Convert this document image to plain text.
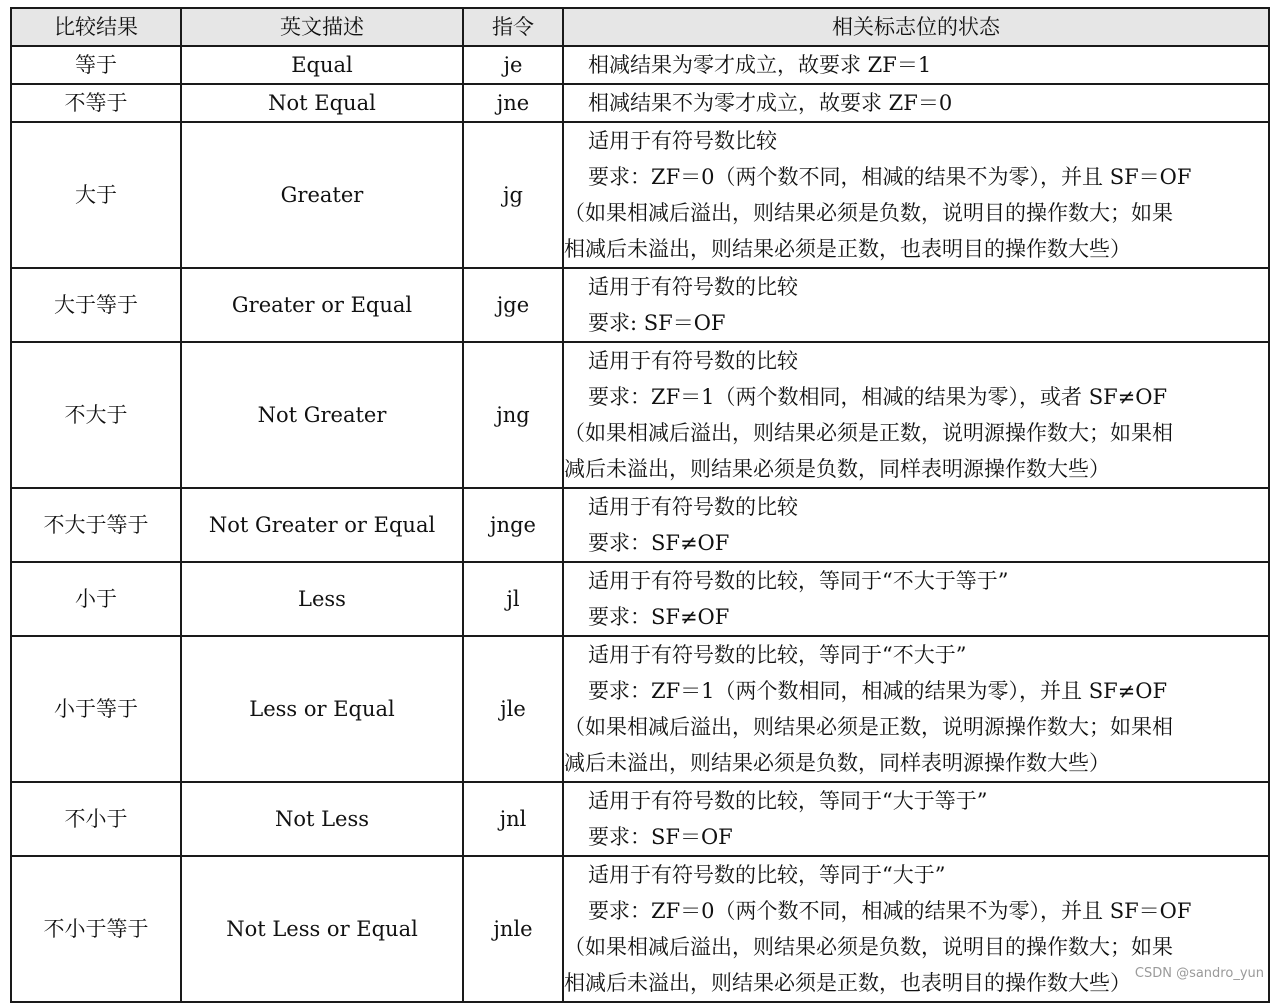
比较结果	英文描述	指令	相关标志位的状态
等于	Equal	je	相减结果为零才成立，故要求 ZF＝1

不等于	Not Equal	jne	相减结果不为零才成立，故要求 ZF＝0

大于	Greater	jg	适用于有符号数比较
要求：ZF＝0（两个数不同，相减的结果不为零），并且 SF＝OF
（如果相减后溢出，则结果必须是负数，说明目的操作数大；如果
相减后未溢出，则结果必须是正数，也表明目的操作数大些）

大于等于	Greater or Equal	jge	适用于有符号数的比较
要求: SF＝OF

不大于	Not Greater	jng	适用于有符号数的比较
要求：ZF＝1（两个数相同，相减的结果为零），或者 SF≠OF
（如果相减后溢出，则结果必须是正数，说明源操作数大；如果相
减后未溢出，则结果必须是负数，同样表明源操作数大些）

不大于等于	Not Greater or Equal	jnge	适用于有符号数的比较
要求：SF≠OF

小于	Less	jl	适用于有符号数的比较，等同于“不大于等于”
要求：SF≠OF

小于等于	Less or Equal	jle	适用于有符号数的比较，等同于“不大于”
要求：ZF＝1（两个数相同，相减的结果为零），并且 SF≠OF
（如果相减后溢出，则结果必须是正数，说明源操作数大；如果相
减后未溢出，则结果必须是负数，同样表明源操作数大些）

不小于	Not Less	jnl	适用于有符号数的比较，等同于“大于等于”
要求：SF＝OF

不小于等于	Not Less or Equal	jnle	适用于有符号数的比较，等同于“大于”
要求：ZF＝0（两个数不同，相减的结果不为零），并且 SF＝OF
（如果相减后溢出，则结果必须是负数，说明目的操作数大；如果
相减后未溢出，则结果必须是正数，也表明目的操作数大些） CSDN @sandro_yun
